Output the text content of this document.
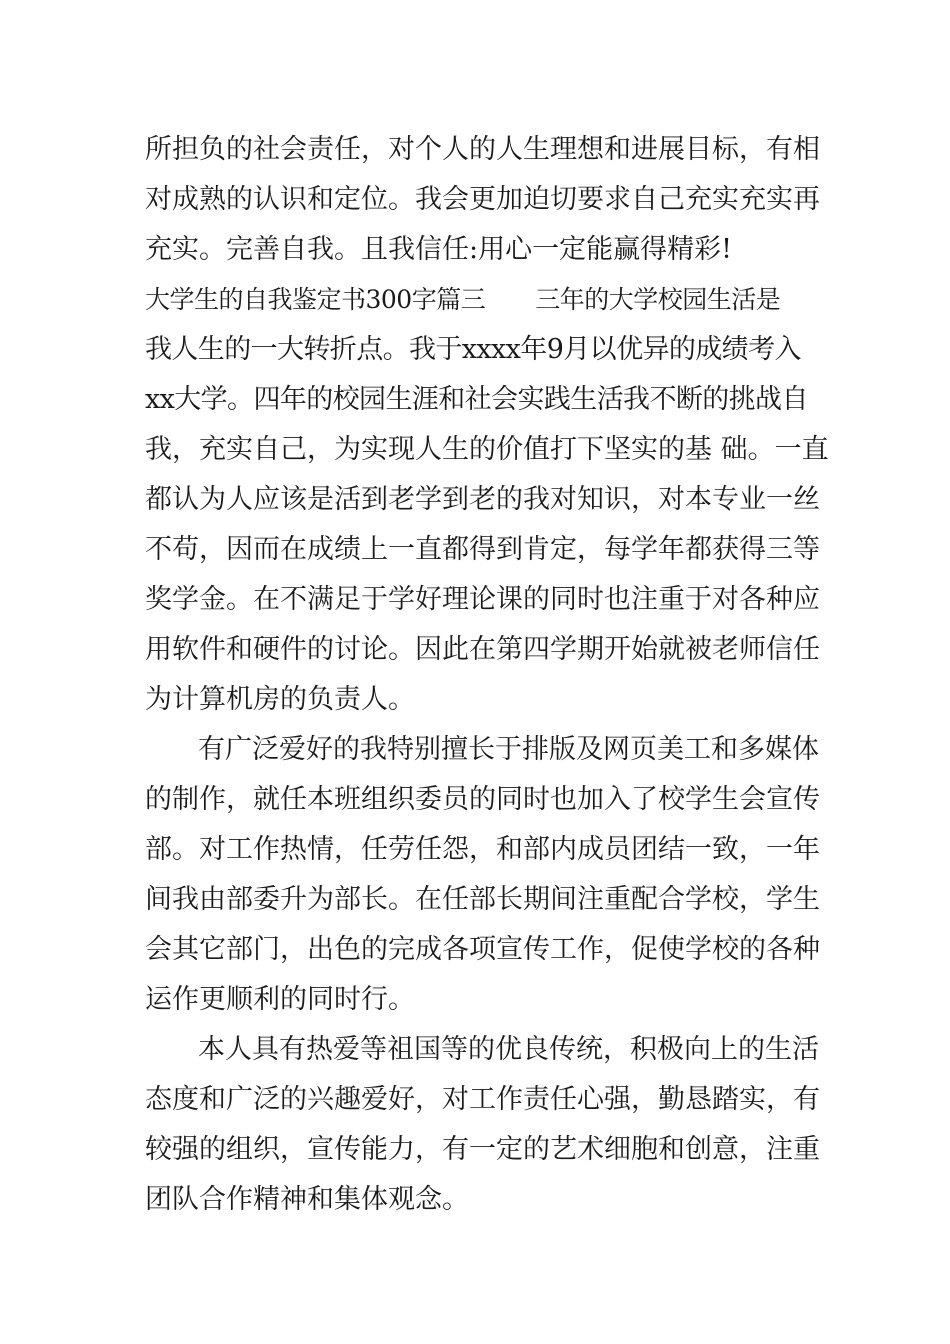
所担负的社会责任，对个人的人生理想和进展目标，有相
对成熟的认识和定位。我会更加迫切要求自己充实充实再
充实。完善自我。且我信任:用心一定能赢得精彩!
大学生的自我鉴定书300字篇三 三年的大学校园生活是
我人生的一大转折点。我于xxxx年9月以优异的成绩考入
xx大学。四年的校园生涯和社会实践生活我不断的挑战自
我，充实自己，为实现人生的价值打下坚实的基 础。一直
都认为人应该是活到老学到老的我对知识，对本专业一丝
不苟，因而在成绩上一直都得到肯定，每学年都获得三等
奖学金。在不满足于学好理论课的同时也注重于对各种应
用软件和硬件的讨论。因此在第四学期开始就被老师信任
为计算机房的负责人。
有广泛爱好的我特别擅长于排版及网页美工和多媒体
的制作，就任本班组织委员的同时也加入了校学生会宣传
部。对工作热情，任劳任怨，和部内成员团结一致，一年
间我由部委升为部长。在任部长期间注重配合学校，学生
会其它部门，出色的完成各项宣传工作，促使学校的各种
运作更顺利的同时行。
本人具有热爱等祖国等的优良传统，积极向上的生活
态度和广泛的兴趣爱好，对工作责任心强，勤恳踏实，有
较强的组织，宣传能力，有一定的艺术细胞和创意，注重
团队合作精神和集体观念。
